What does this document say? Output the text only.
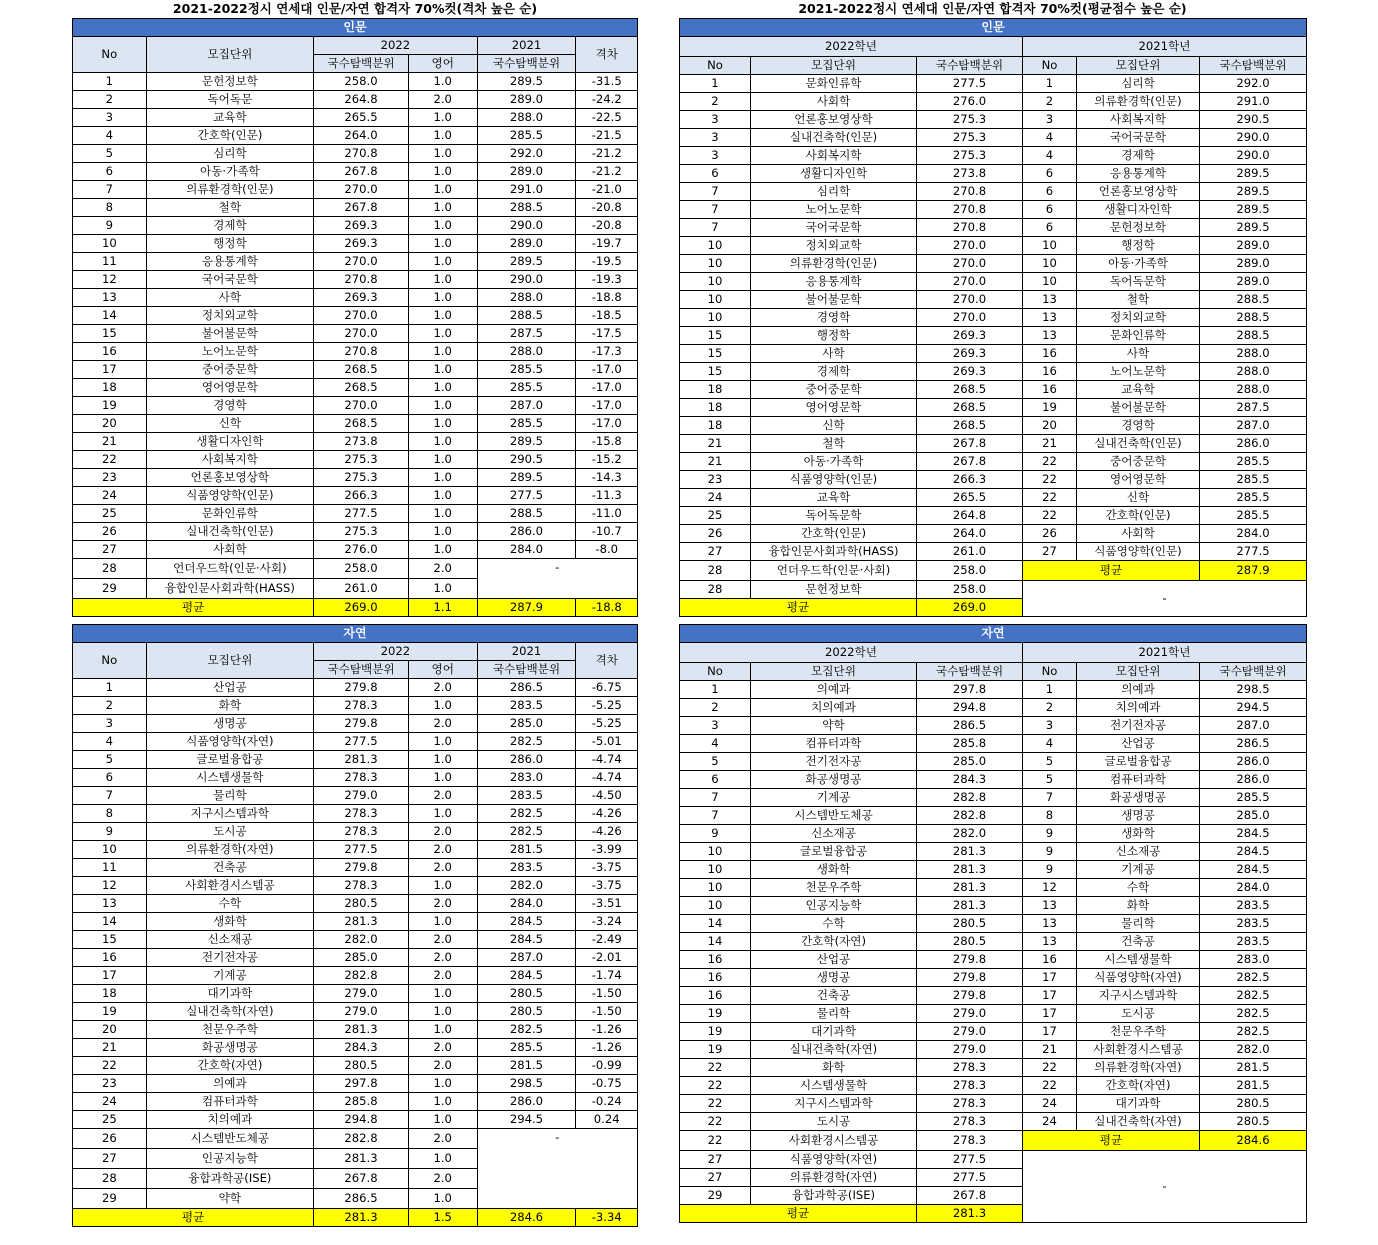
2021-2022정시 연세대 인문/자연 합격자 70%컷(격차 높은 순)	2021-2022정시 연세대 인문/자연 합격자 70%컷(평균점수 높은 순)
인문					
No	모집단위	2022		2021	격차
		국수탐백분위	영어	국수탐백분위	
1	문헌정보학	258.0	1.0	289.5	-31.5
2	독어독문	264.8	2.0	289.0	-24.2
3	교육학	265.5	1.0	288.0	-22.5
4	간호학(인문)	264.0	1.0	285.5	-21.5
5	심리학	270.8	1.0	292.0	-21.2
6	아동·가족학	267.8	1.0	289.0	-21.2
7	의류환경학(인문)	270.0	1.0	291.0	-21.0
8	철학	267.8	1.0	288.5	-20.8
9	경제학	269.3	1.0	290.0	-20.8
10	행정학	269.3	1.0	289.0	-19.7
11	응용통계학	270.0	1.0	289.5	-19.5
12	국어국문학	270.8	1.0	290.0	-19.3
13	사학	269.3	1.0	288.0	-18.8
14	정치외교학	270.0	1.0	288.5	-18.5
15	불어불문학	270.0	1.0	287.5	-17.5
16	노어노문학	270.8	1.0	288.0	-17.3
17	중어중문학	268.5	1.0	285.5	-17.0
18	영어영문학	268.5	1.0	285.5	-17.0
19	경영학	270.0	1.0	287.0	-17.0
20	신학	268.5	1.0	285.5	-17.0
21	생활디자인학	273.8	1.0	289.5	-15.8
22	사회복지학	275.3	1.0	290.5	-15.2
23	언론홍보영상학	275.3	1.0	289.5	-14.3
24	식품영양학(인문)	266.3	1.0	277.5	-11.3
25	문화인류학	277.5	1.0	288.5	-11.0
26	실내건축학(인문)	275.3	1.0	286.0	-10.7
27	사회학	276.0	1.0	284.0	-8.0
28	언더우드학(인문·사회)	258.0	2.0	-	
29	융합인문사회과학(HASS)	261.0	1.0		
평균		269.0	1.1	287.9	-18.8
자연					
No	모집단위	2022		2021	격차
		국수탐백분위	영어	국수탐백분위	
1	산업공	279.8	2.0	286.5	-6.75
2	화학	278.3	1.0	283.5	-5.25
3	생명공	279.8	2.0	285.0	-5.25
4	식품영양학(자연)	277.5	1.0	282.5	-5.01
5	글로벌융합공	281.3	1.0	286.0	-4.74
6	시스템생물학	278.3	1.0	283.0	-4.74
7	물리학	279.0	2.0	283.5	-4.50
8	지구시스템과학	278.3	1.0	282.5	-4.26
9	도시공	278.3	2.0	282.5	-4.26
10	의류환경학(자연)	277.5	2.0	281.5	-3.99
11	건축공	279.8	2.0	283.5	-3.75
12	사회환경시스템공	278.3	1.0	282.0	-3.75
13	수학	280.5	2.0	284.0	-3.51
14	생화학	281.3	1.0	284.5	-3.24
15	신소재공	282.0	2.0	284.5	-2.49
16	전기전자공	285.0	2.0	287.0	-2.01
17	기계공	282.8	2.0	284.5	-1.74
18	대기과학	279.0	1.0	280.5	-1.50
19	실내건축학(자연)	279.0	1.0	280.5	-1.50
20	천문우주학	281.3	1.0	282.5	-1.26
21	화공생명공	284.3	2.0	285.5	-1.26
22	간호학(자연)	280.5	2.0	281.5	-0.99
23	의예과	297.8	1.0	298.5	-0.75
24	컴퓨터과학	285.8	1.0	286.0	-0.24
25	치의예과	294.8	1.0	294.5	0.24
26	시스템반도체공	282.8	2.0	-	
27	인공지능학	281.3	1.0		
28	융합과학공(ISE)	267.8	2.0		
29	약학	286.5	1.0		
평균		281.3	1.5	284.6	-3.34
인문					
2022학년			2021학년		
No	모집단위	국수탐백분위	No	모집단위	국수탐백분위
1	문화인류학	277.5	1	심리학	292.0
2	사회학	276.0	2	의류환경학(인문)	291.0
3	언론홍보영상학	275.3	3	사회복지학	290.5
3	실내건축학(인문)	275.3	4	국어국문학	290.0
3	사회복지학	275.3	4	경제학	290.0
6	생활디자인학	273.8	6	응용통계학	289.5
7	심리학	270.8	6	언론홍보영상학	289.5
7	노어노문학	270.8	6	생활디자인학	289.5
7	국어국문학	270.8	6	문헌정보학	289.5
10	정치외교학	270.0	10	행정학	289.0
10	의류환경학(인문)	270.0	10	아동·가족학	289.0
10	응용통계학	270.0	10	독어독문학	289.0
10	불어불문학	270.0	13	철학	288.5
10	경영학	270.0	13	정치외교학	288.5
15	행정학	269.3	13	문화인류학	288.5
15	사학	269.3	16	사학	288.0
15	경제학	269.3	16	노어노문학	288.0
18	중어중문학	268.5	16	교육학	288.0
18	영어영문학	268.5	19	불어불문학	287.5
18	신학	268.5	20	경영학	287.0
21	철학	267.8	21	실내건축학(인문)	286.0
21	아동·가족학	267.8	22	중어중문학	285.5
23	식품영양학(인문)	266.3	22	영어영문학	285.5
24	교육학	265.5	22	신학	285.5
25	독어독문학	264.8	22	간호학(인문)	285.5
26	간호학(인문)	264.0	26	사회학	284.0
27	융합인문사회과학(HASS)	261.0	27	식품영양학(인문)	277.5
28	언더우드학(인문·사회)	258.0	평균		287.9
28	문헌정보학	258.0	-		
평균		269.0			
자연					
2022학년			2021학년		
No	모집단위	국수탐백분위	No	모집단위	국수탐백분위
1	의예과	297.8	1	의예과	298.5
2	치의예과	294.8	2	치의예과	294.5
3	약학	286.5	3	전기전자공	287.0
4	컴퓨터과학	285.8	4	산업공	286.5
5	전기전자공	285.0	5	글로벌융합공	286.0
6	화공생명공	284.3	5	컴퓨터과학	286.0
7	기계공	282.8	7	화공생명공	285.5
7	시스템반도체공	282.8	8	생명공	285.0
9	신소재공	282.0	9	생화학	284.5
10	글로벌융합공	281.3	9	신소재공	284.5
10	생화학	281.3	9	기계공	284.5
10	천문우주학	281.3	12	수학	284.0
10	인공지능학	281.3	13	화학	283.5
14	수학	280.5	13	물리학	283.5
14	간호학(자연)	280.5	13	건축공	283.5
16	산업공	279.8	16	시스템생물학	283.0
16	생명공	279.8	17	식품영양학(자연)	282.5
16	건축공	279.8	17	지구시스템과학	282.5
19	물리학	279.0	17	도시공	282.5
19	대기과학	279.0	17	천문우주학	282.5
19	실내건축학(자연)	279.0	21	사회환경시스템공	282.0
22	화학	278.3	22	의류환경학(자연)	281.5
22	시스템생물학	278.3	22	간호학(자연)	281.5
22	지구시스템과학	278.3	24	대기과학	280.5
22	도시공	278.3	24	실내건축학(자연)	280.5
22	사회환경시스템공	278.3	평균		284.6
27	식품영양학(자연)	277.5	-		
27	의류환경학(자연)	277.5			
29	융합과학공(ISE)	267.8			
평균		281.3			
